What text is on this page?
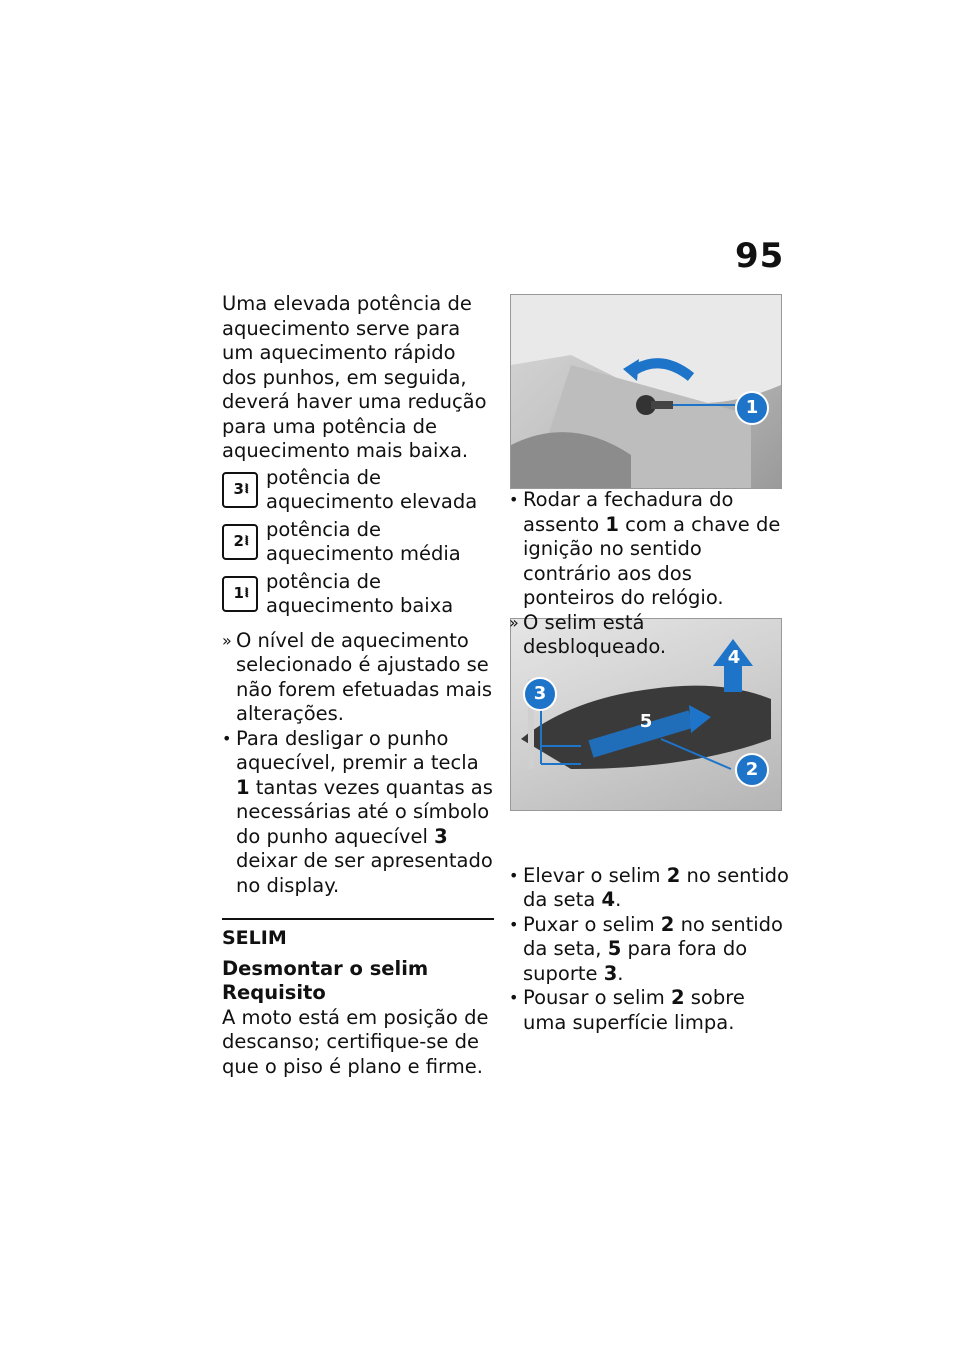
95

Uma elevada potência de aquecimento serve para um aquecimento rápido dos punhos, em seguida, deverá haver uma redução para uma potência de aquecimento mais baixa.

3 ⦚⦚⦚
potência de aquecimento elevada
2 ⦚⦚⦚
potência de aquecimento média
1 ⦚⦚⦚
potência de aquecimento baixa
» O nível de aquecimento selecionado é ajustado se não forem efetuadas mais alterações.
• Para desligar o punho aquecível, premir a tecla 1 tantas vezes quantas as necessárias até o símbolo do punho aquecível 3 deixar de ser apresentado no display.
SELIM
Desmontar o selim
Requisito

A moto está em posição de descanso; certifique-se de que o piso é plano e firme.

1
3
4
5
2
• Rodar a fechadura do assento 1 com a chave de ignição no sentido contrário aos dos ponteiros do relógio.
» O selim está desbloqueado.
• Elevar o selim 2 no sentido da seta 4.
• Puxar o selim 2 no sentido da seta, 5 para fora do suporte 3.
• Pousar o selim 2 sobre uma superfície limpa.
